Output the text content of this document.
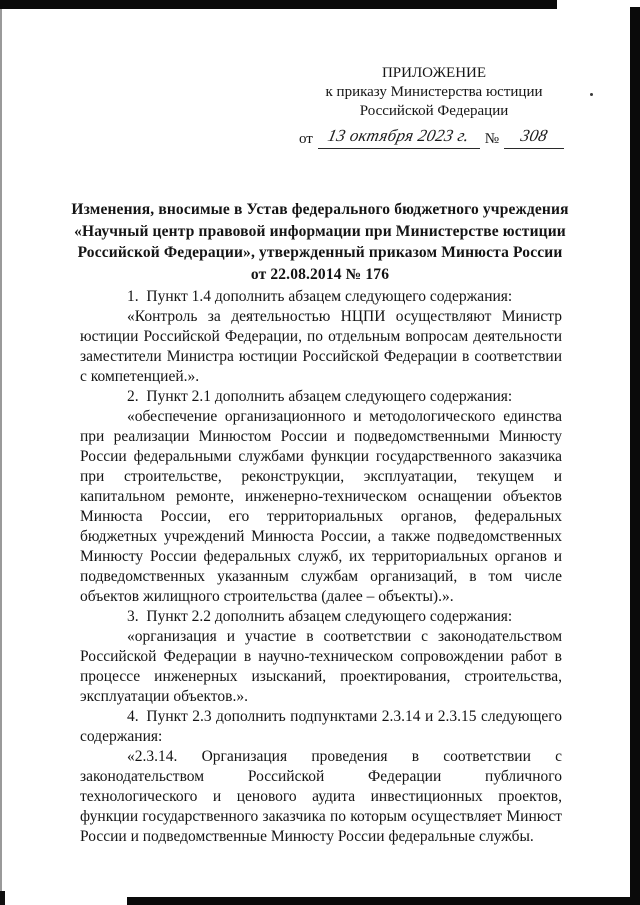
ПРИЛОЖЕНИЕ
к приказу Министерства юстиции
Российской Федерации
от 13 октября 2023 г. №	308
Изменения, вносимые в Устав федерального бюджетного учреждения
«Научный центр правовой информации при Министерстве юстиции
Российской Федерации», утвержденный приказом Минюста России
от 22.08.2014 № 176

1. Пункт 1.4 дополнить абзацем следующего содержания:

«Контроль за деятельностью НЦПИ осуществляют Министр юстиции Российской Федерации, по отдельным вопросам деятельности заместители Министра юстиции Российской Федерации в соответствии с компетенцией.».

2. Пункт 2.1 дополнить абзацем следующего содержания:

«обеспечение организационного и методологического единства при реализации Минюстом России и подведомственными Минюсту России федеральными службами функции государственного заказчика при строительстве, реконструкции, эксплуатации, текущем и капитальном ремонте, инженерно-техническом оснащении объектов Минюста России, его территориальных органов, федеральных бюджетных учреждений Минюста России, а также подведомственных Минюсту России федеральных служб, их территориальных органов и подведомственных указанным службам организаций, в том числе объектов жилищного строительства (далее – объекты).».

3. Пункт 2.2 дополнить абзацем следующего содержания:

«организация и участие в соответствии с законодательством Российской Федерации в научно-техническом сопровождении работ в процессе инженерных изысканий, проектирования, строительства, эксплуатации объектов.».

4. Пункт 2.3 дополнить подпунктами 2.3.14 и 2.3.15 следующего содержания:

«2.3.14. Организация проведения в соответствии с законодательством Российской Федерации публичного технологического и ценового аудита инвестиционных проектов, функции государственного заказчика по которым осуществляет Минюст России и подведомственные Минюсту России федеральные службы.
